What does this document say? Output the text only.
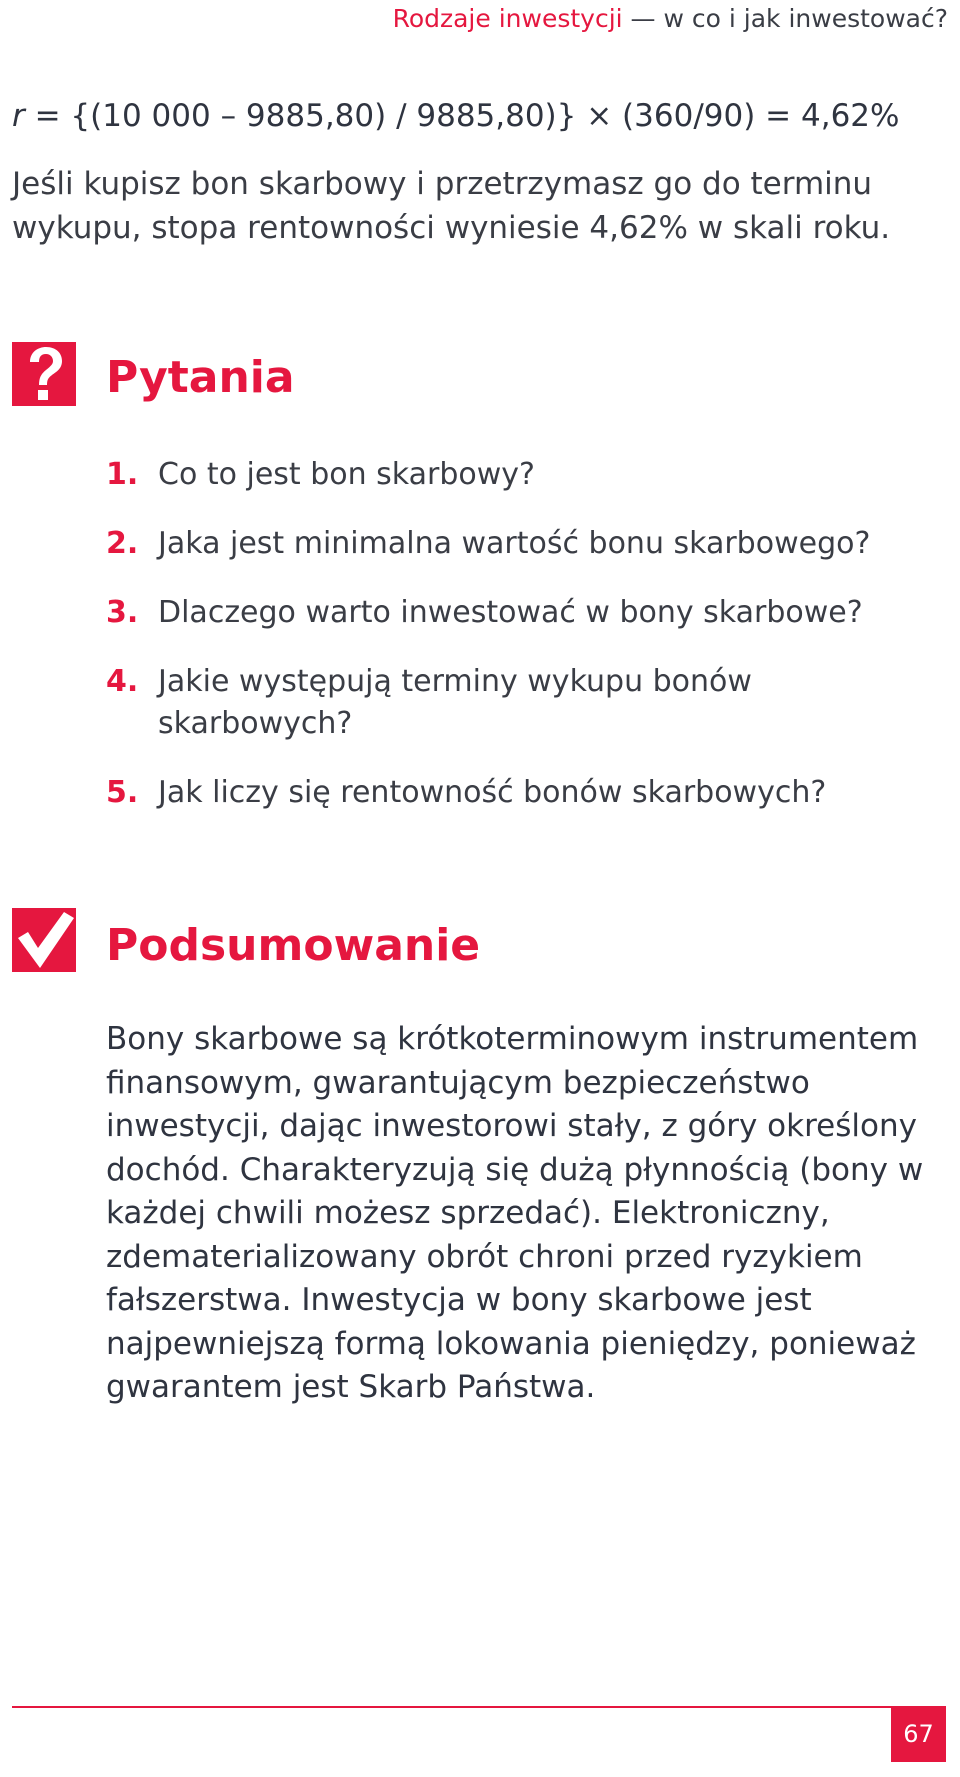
Rodzaje inwestycji — w co i jak inwestować?
r = {(10 000 – 9885,80) / 9885,80)} × (360/90) = 4,62%

Jeśli kupisz bon skarbowy i przetrzymasz go do terminu wykupu, stopa rentowności wyniesie 4,62% w skali roku.

Pytania
1. Co to jest bon skarbowy?
2. Jaka jest minimalna wartość bonu skarbowego?
3. Dlaczego warto inwestować w bony skarbowe?
4. Jakie występują terminy wykupu bonów skarbowych?
5. Jak liczy się rentowność bonów skarbowych?
Podsumowanie

Bony skarbowe są krótkoterminowym instrumentem finansowym, gwarantującym bezpieczeństwo inwestycji, dając inwestorowi stały, z góry określony dochód. Charakteryzują się dużą płynnością (bony w każdej chwili możesz sprzedać). Elektroniczny, zdematerializowany obrót chroni przed ryzykiem fałszerstwa. Inwestycja w bony skarbowe jest najpewniejszą formą lokowania pieniędzy, ponieważ gwarantem jest Skarb Państwa.

67
